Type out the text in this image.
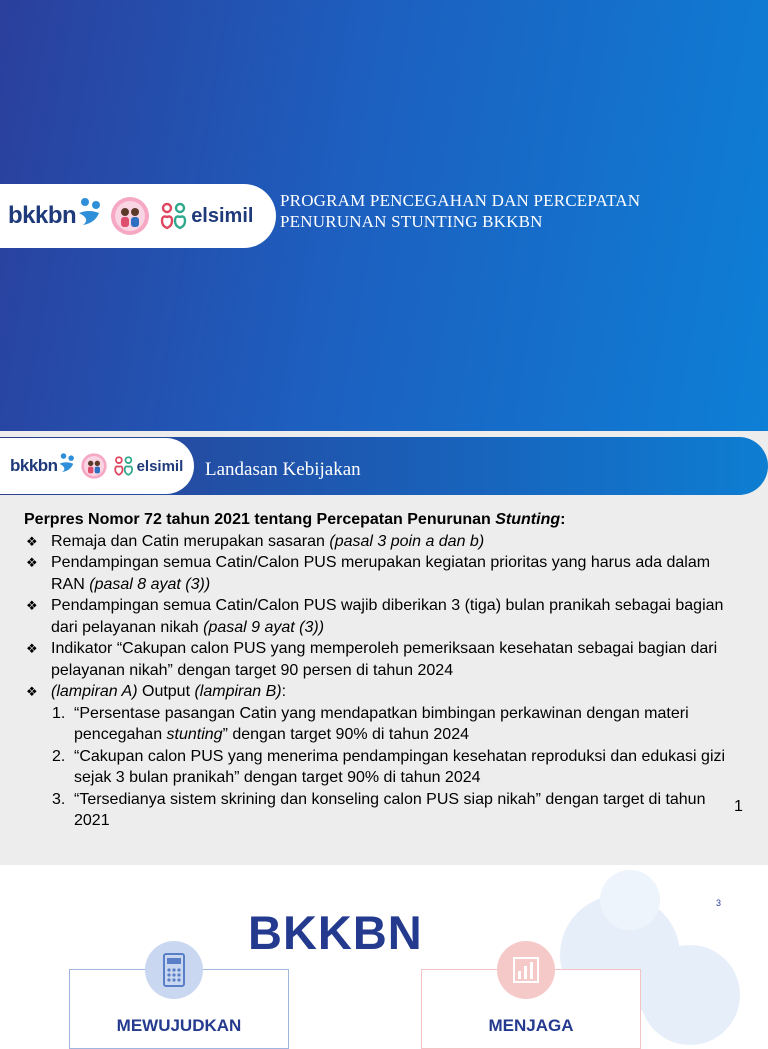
bkkbn	elsimil
PROGRAM PENCEGAHAN DAN PERCEPATAN
PENURUNAN STUNTING BKKBN
bkkbn	elsimil Landasan Kebijakan
Perpres Nomor 72 tahun 2021 tentang Percepatan Penurunan Stunting:
❖ Remaja dan Catin merupakan sasaran (pasal 3 poin a dan b)
❖ Pendampingan semua Catin/Calon PUS merupakan kegiatan prioritas yang harus ada dalam RAN (pasal 8 ayat (3))
❖ Pendampingan semua Catin/Calon PUS wajib diberikan 3 (tiga) bulan pranikah sebagai bagian dari pelayanan nikah (pasal 9 ayat (3))
❖ Indikator “Cakupan calon PUS yang memperoleh pemeriksaan kesehatan sebagai bagian dari pelayanan nikah” dengan target 90 persen di tahun 2024
❖ (lampiran A) Output (lampiran B):
1. “Persentase pasangan Catin yang mendapatkan bimbingan perkawinan dengan materi pencegahan stunting” dengan target 90% di tahun 2024
2. “Cakupan calon PUS yang menerima pendampingan kesehatan reproduksi dan edukasi gizi sejak 3 bulan pranikah” dengan target 90% di tahun 2024
3. “Tersedianya sistem skrining dan konseling calon PUS siap nikah” dengan target di tahun 2021
1
3
BKKBN
MEWUJUDKAN	MENJAGA
